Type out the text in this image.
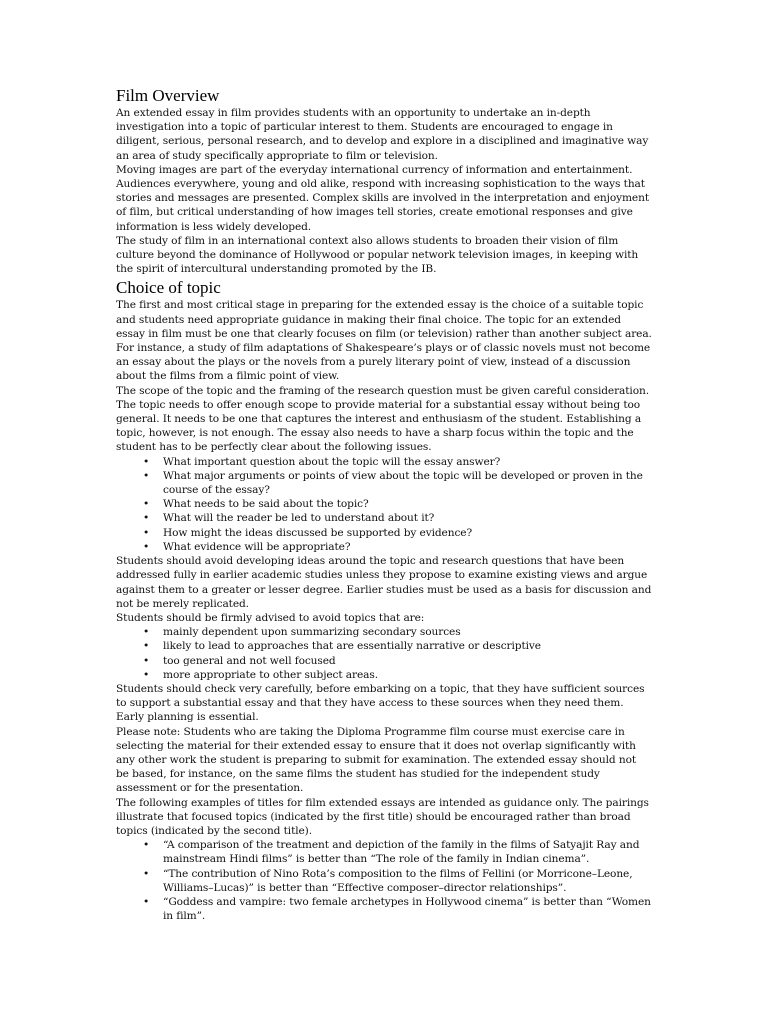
Film Overview

An extended essay in film provides students with an opportunity to undertake an in-depth investigation into a topic of particular interest to them. Students are encouraged to engage in diligent, serious, personal research, and to develop and explore in a disciplined and imaginative way an area of study specifically appropriate to film or television.

Moving images are part of the everyday international currency of information and entertainment. Audiences everywhere, young and old alike, respond with increasing sophistication to the ways that stories and messages are presented. Complex skills are involved in the interpretation and enjoyment of film, but critical understanding of how images tell stories, create emotional responses and give information is less widely developed.

The study of film in an international context also allows students to broaden their vision of film culture beyond the dominance of Hollywood or popular network television images, in keeping with the spirit of intercultural understanding promoted by the IB.

Choice of topic

The first and most critical stage in preparing for the extended essay is the choice of a suitable topic and students need appropriate guidance in making their final choice. The topic for an extended essay in film must be one that clearly focuses on film (or television) rather than another subject area. For instance, a study of film adaptations of Shakespeare’s plays or of classic novels must not become an essay about the plays or the novels from a purely literary point of view, instead of a discussion about the films from a filmic point of view.

The scope of the topic and the framing of the research question must be given careful consideration. The topic needs to offer enough scope to provide material for a substantial essay without being too general. It needs to be one that captures the interest and enthusiasm of the student. Establishing a topic, however, is not enough. The essay also needs to have a sharp focus within the topic and the student has to be perfectly clear about the following issues.

• What important question about the topic will the essay answer?
• What major arguments or points of view about the topic will be developed or proven in the course of the essay?
• What needs to be said about the topic?
• What will the reader be led to understand about it?
• How might the ideas discussed be supported by evidence?
• What evidence will be appropriate?

Students should avoid developing ideas around the topic and research questions that have been addressed fully in earlier academic studies unless they propose to examine existing views and argue against them to a greater or lesser degree. Earlier studies must be used as a basis for discussion and not be merely replicated.

Students should be firmly advised to avoid topics that are:

• mainly dependent upon summarizing secondary sources
• likely to lead to approaches that are essentially narrative or descriptive
• too general and not well focused
• more appropriate to other subject areas.

Students should check very carefully, before embarking on a topic, that they have sufficient sources to support a substantial essay and that they have access to these sources when they need them. Early planning is essential.

Please note: Students who are taking the Diploma Programme film course must exercise care in selecting the material for their extended essay to ensure that it does not overlap significantly with any other work the student is preparing to submit for examination. The extended essay should not be based, for instance, on the same films the student has studied for the independent study assessment or for the presentation.

The following examples of titles for film extended essays are intended as guidance only. The pairings illustrate that focused topics (indicated by the first title) should be encouraged rather than broad topics (indicated by the second title).

• “A comparison of the treatment and depiction of the family in the films of Satyajit Ray and mainstream Hindi films” is better than “The role of the family in Indian cinema”.
• “The contribution of Nino Rota’s composition to the films of Fellini (or Morricone–Leone, Williams–Lucas)” is better than “Effective composer–director relationships”.
• “Goddess and vampire: two female archetypes in Hollywood cinema” is better than “Women in film”.
